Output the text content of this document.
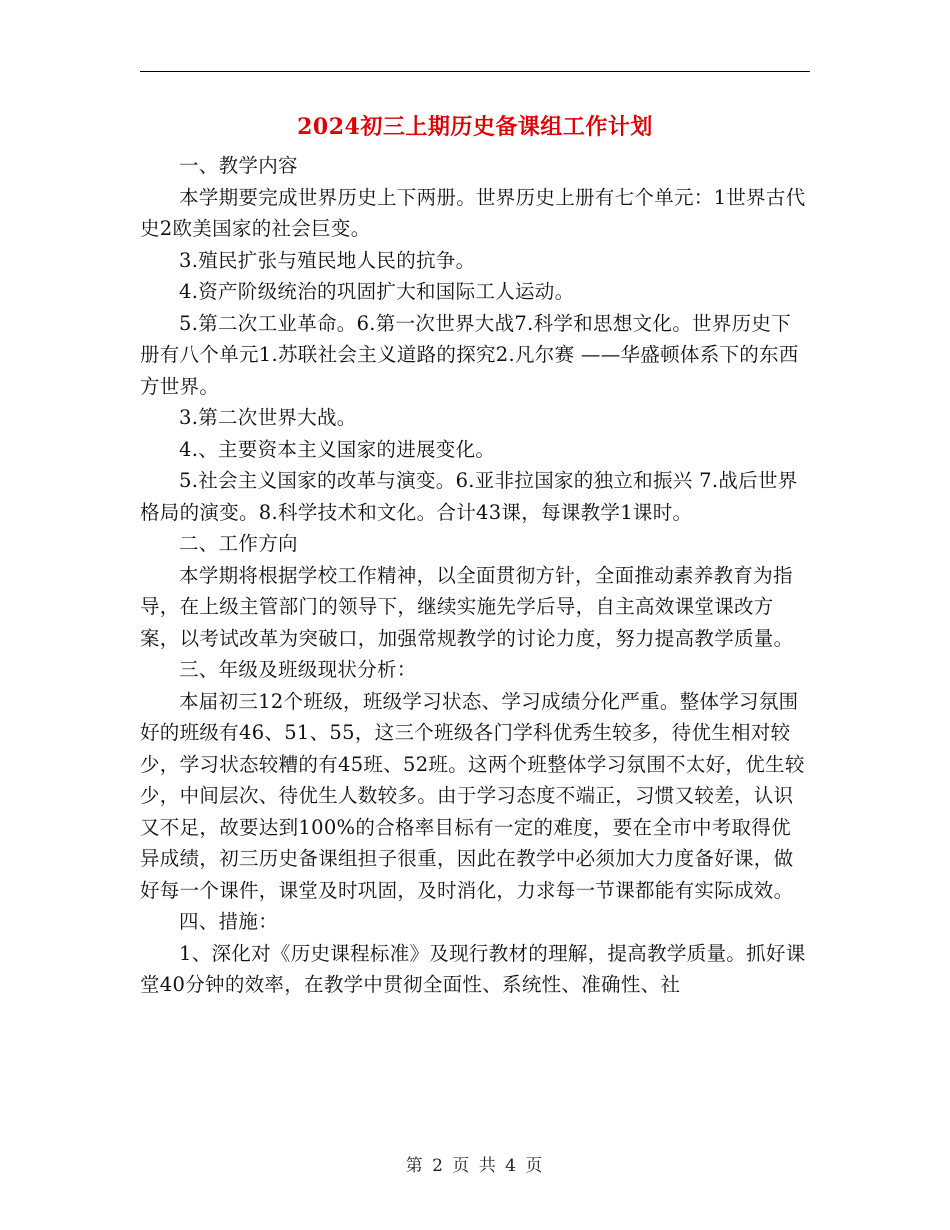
2024初三上期历史备课组工作计划

一、教学内容

本学期要完成世界历史上下两册。世界历史上册有七个单元：1世界古代史2欧美国家的社会巨变。

3.殖民扩张与殖民地人民的抗争。

4.资产阶级统治的巩固扩大和国际工人运动。

5.第二次工业革命。6.第一次世界大战7.科学和思想文化。世界历史下册有八个单元1.苏联社会主义道路的探究2.凡尔赛 ——华盛顿体系下的东西方世界。

3.第二次世界大战。

4.、主要资本主义国家的进展变化。

5.社会主义国家的改革与演变。6.亚非拉国家的独立和振兴 7.战后世界格局的演变。8.科学技术和文化。合计43课，每课教学1课时。

二、工作方向

本学期将根据学校工作精神，以全面贯彻方针，全面推动素养教育为指导，在上级主管部门的领导下，继续实施先学后导，自主高效课堂课改方案，以考试改革为突破口，加强常规教学的讨论力度，努力提高教学质量。

三、年级及班级现状分析：

本届初三12个班级，班级学习状态、学习成绩分化严重。整体学习氛围好的班级有46、51、55，这三个班级各门学科优秀生较多，待优生相对较少，学习状态较糟的有45班、52班。这两个班整体学习氛围不太好，优生较少，中间层次、待优生人数较多。由于学习态度不端正，习惯又较差，认识又不足，故要达到100%的合格率目标有一定的难度，要在全市中考取得优异成绩，初三历史备课组担子很重，因此在教学中必须加大力度备好课，做好每一个课件，课堂及时巩固，及时消化，力求每一节课都能有实际成效。

四、措施：

1、深化对《历史课程标准》及现行教材的理解，提高教学质量。抓好课堂40分钟的效率，在教学中贯彻全面性、系统性、准确性、社

第 2 页 共 4 页
